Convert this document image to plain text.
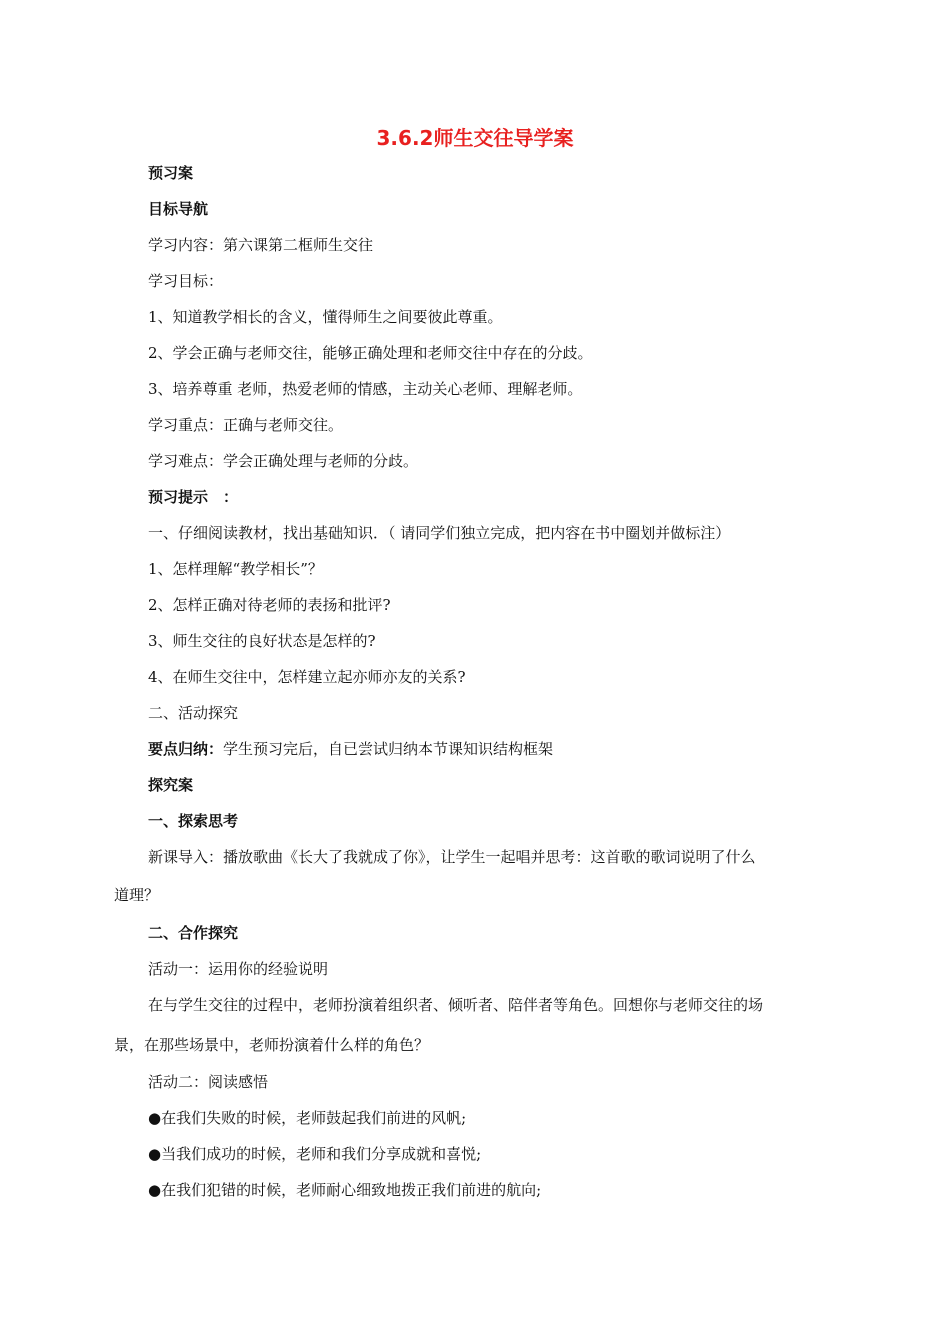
3.6.2师生交往导学案
预习案
目标导航
学习内容：第六课第二框师生交往
学习目标：
1、知道教学相长的含义，懂得师生之间要彼此尊重。
2、学会正确与老师交往，能够正确处理和老师交往中存在的分歧。
3、培养尊重 老师，热爱老师的情感，主动关心老师、理解老师。
学习重点：正确与老师交往。
学习难点：学会正确处理与老师的分歧。
预习提示　：
一、仔细阅读教材，找出基础知识．（ 请同学们独立完成，把内容在书中圈划并做标注）
1、怎样理解“教学相长”？
2、怎样正确对待老师的表扬和批评?
3、师生交往的良好状态是怎样的?
4、在师生交往中，怎样建立起亦师亦友的关系?
二、活动探究
要点归纳：学生预习完后，自已尝试归纳本节课知识结构框架
探究案
一、探索思考
新课导入：播放歌曲《长大了我就成了你》，让学生一起唱并思考：这首歌的歌词说明了什么
道理？
二、合作探究
活动一：运用你的经验说明
在与学生交往的过程中，老师扮演着组织者、倾听者、陪伴者等角色。回想你与老师交往的场
景，在那些场景中，老师扮演着什么样的角色？
活动二：阅读感悟
●在我们失败的时候，老师鼓起我们前进的风帆;
●当我们成功的时候，老师和我们分享成就和喜悦;
●在我们犯错的时候，老师耐心细致地拨正我们前进的航向;
